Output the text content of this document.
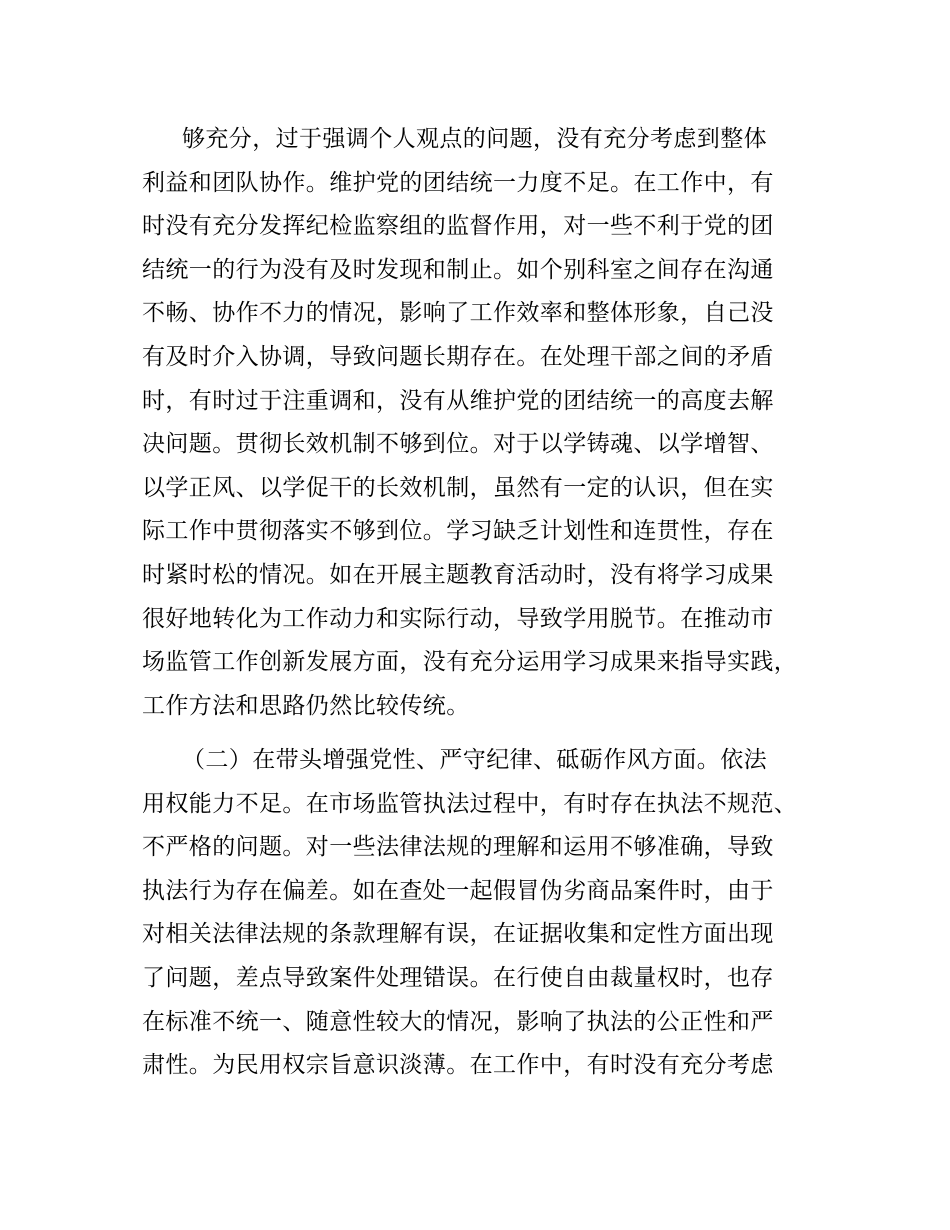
够充分，过于强调个人观点的问题，没有充分考虑到整体
利益和团队协作。维护党的团结统一力度不足。在工作中，有
时没有充分发挥纪检监察组的监督作用，对一些不利于党的团
结统一的行为没有及时发现和制止。如个别科室之间存在沟通
不畅、协作不力的情况，影响了工作效率和整体形象，自己没
有及时介入协调，导致问题长期存在。在处理干部之间的矛盾
时，有时过于注重调和，没有从维护党的团结统一的高度去解
决问题。贯彻长效机制不够到位。对于以学铸魂、以学增智、
以学正风、以学促干的长效机制，虽然有一定的认识，但在实
际工作中贯彻落实不够到位。学习缺乏计划性和连贯性，存在
时紧时松的情况。如在开展主题教育活动时，没有将学习成果
很好地转化为工作动力和实际行动，导致学用脱节。在推动市
场监管工作创新发展方面，没有充分运用学习成果来指导实践，
工作方法和思路仍然比较传统。
（二）在带头增强党性、严守纪律、砥砺作风方面。依法
用权能力不足。在市场监管执法过程中，有时存在执法不规范、
不严格的问题。对一些法律法规的理解和运用不够准确，导致
执法行为存在偏差。如在查处一起假冒伪劣商品案件时，由于
对相关法律法规的条款理解有误，在证据收集和定性方面出现
了问题，差点导致案件处理错误。在行使自由裁量权时，也存
在标准不统一、随意性较大的情况，影响了执法的公正性和严
肃性。为民用权宗旨意识淡薄。在工作中，有时没有充分考虑
